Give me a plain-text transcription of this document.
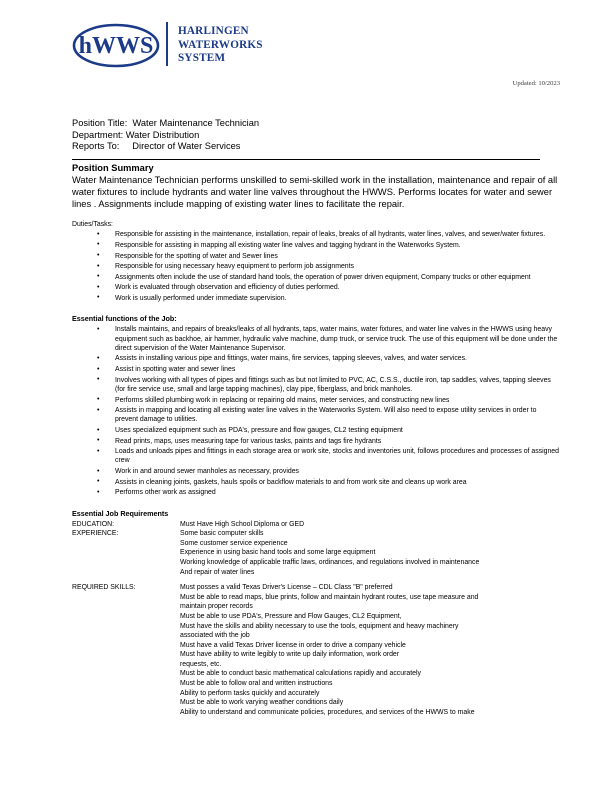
hWWS
HARLINGEN
WATERWORKS
SYSTEM
Updated: 10/2023
Position Title:  Water Maintenance Technician
Department: Water Distribution
Reports To:     Director of Water Services
Position Summary

Water Maintenance Technician performs unskilled to semi-skilled work in the installation, maintenance and repair of all water fixtures to include hydrants and water line valves throughout the HWWS. Performs locates for water and sewer lines . Assignments include mapping of existing water lines to facilitate the repair.

Duties/Tasks:
• Responsible for assisting in the maintenance, installation, repair of leaks, breaks of all hydrants, water lines, valves, and sewer/water fixtures.
• Responsible for assisting in mapping all existing water line valves and tagging hydrant in the Waterworks System.
• Responsible for the spotting of water and Sewer lines
• Responsible for using necessary heavy equipment to perform job assignments
• Assignments often include the use of standard hand tools, the operation of power driven equipment, Company trucks or other equipment
• Work is evaluated through observation and efficiency of duties performed.
• Work is usually performed under immediate supervision.
Essential functions of the Job:
• Installs maintains, and repairs of breaks/leaks of all hydrants, taps, water mains, water fixtures, and water line valves in the HWWS using heavy equipment such as backhoe, air hammer, hydraulic valve machine, dump truck, or service truck. The use of this equipment will be done under the direct supervision of the Water Maintenance Supervisor.
• Assists in installing various pipe and fittings, water mains, fire services, tapping sleeves, valves, and water services.
• Assist in spotting water and sewer lines
• Involves working with all types of pipes and fittings such as but not limited to PVC, AC, C.S.S., ductile iron, tap saddles, valves, tapping sleeves (for fire service use, small and large tapping machines), clay pipe, fiberglass, and brick manholes.
• Performs skilled plumbing work in replacing or repairing old mains, meter services, and constructing new lines
• Assists in mapping and locating all existing water line valves in the Waterworks System. Will also need to expose utility services in order to prevent damage to utilities.
• Uses specialized equipment such as PDA's, pressure and flow gauges, CL2 testing equipment
• Read prints, maps, uses measuring tape for various tasks, paints and tags fire hydrants
• Loads and unloads pipes and fittings in each storage area or work site, stocks and inventories unit, follows procedures and processes of assigned crew
• Work in and around sewer manholes as necessary, provides
• Assists in cleaning joints, gaskets, hauls spoils or backflow materials to and from work site and cleans up work area
• Performs other work as assigned
Essential Job Requirements
EDUCATION:	Must Have High School Diploma or GED

EXPERIENCE:	Some basic computer skills
Some customer service experience
Experience in using basic hand tools and some large equipment
Working knowledge of applicable traffic laws, ordinances, and regulations involved in maintenance
And repair of water lines

REQUIRED SKILLS:	Must posses a valid Texas Driver's License – CDL Class "B" preferred
Must be able to read maps, blue prints, follow and maintain hydrant routes, use tape measure and
maintain proper records
Must be able to use PDA's, Pressure and Flow Gauges, CL2 Equipment,
Must have the skills and ability necessary to use the tools, equipment and heavy machinery
associated with the job
Must have a valid Texas Driver license in order to drive a company vehicle
Must have ability to write legibly to write up daily information, work order
requests, etc.
Must be able to conduct basic mathematical calculations rapidly and accurately
Must be able to follow oral and written instructions
Ability to perform tasks quickly and accurately
Must be able to work varying weather conditions daily
Ability to understand and communicate policies, procedures, and services of the HWWS to make
